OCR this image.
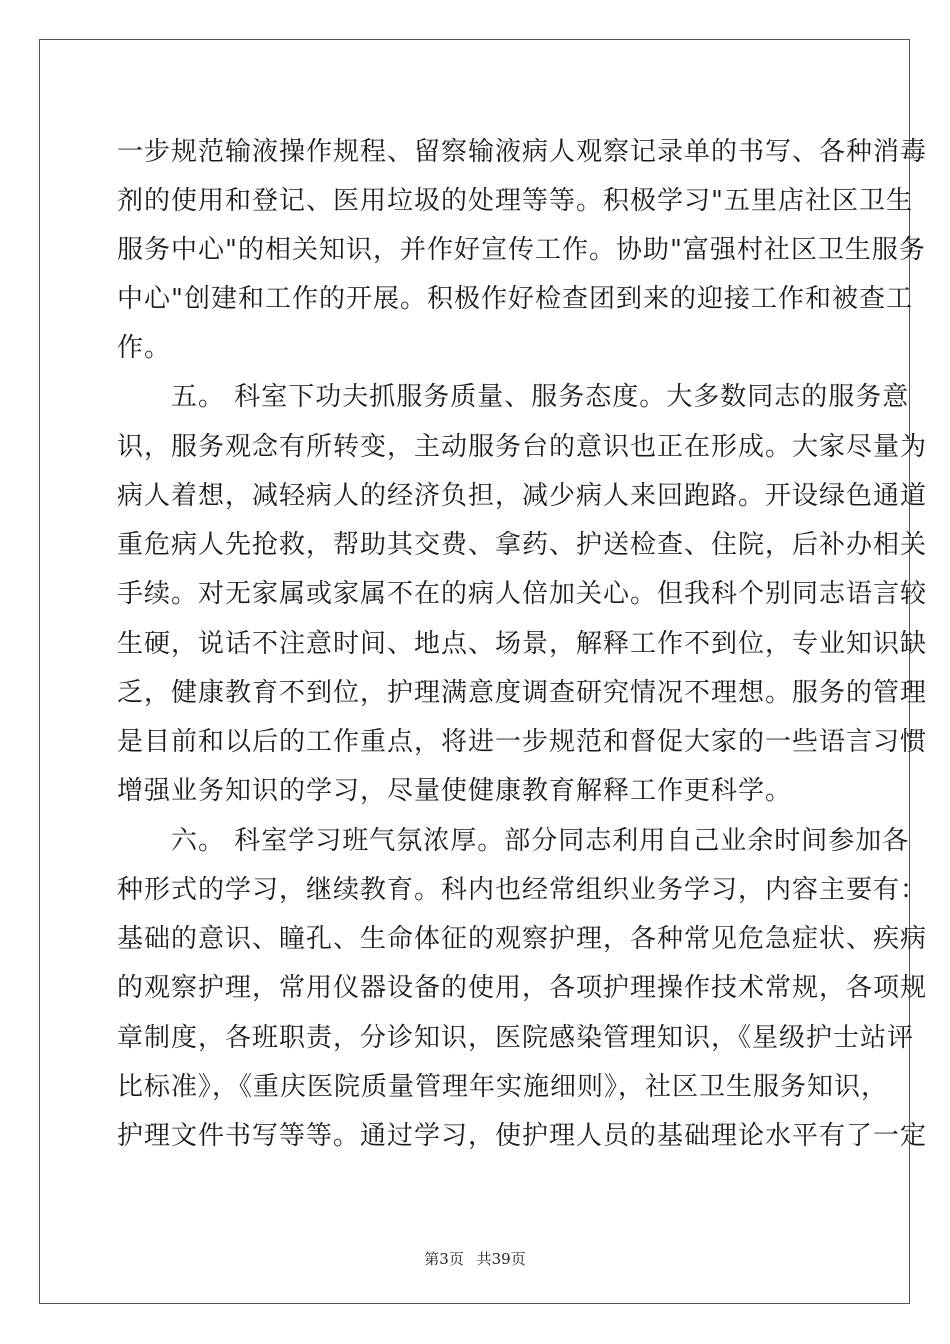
一步规范输液操作规程、留察输液病人观察记录单的书写、各种消毒
剂的使用和登记、医用垃圾的处理等等。积极学习"五里店社区卫生
服务中心"的相关知识，并作好宣传工作。协助"富强村社区卫生服务
中心"创建和工作的开展。积极作好检查团到来的迎接工作和被查工
作。
　　五。 科室下功夫抓服务质量、服务态度。大多数同志的服务意
识，服务观念有所转变，主动服务台的意识也正在形成。大家尽量为
病人着想，减轻病人的经济负担，减少病人来回跑路。开设绿色通道
重危病人先抢救，帮助其交费、拿药、护送检查、住院，后补办相关
手续。对无家属或家属不在的病人倍加关心。但我科个别同志语言较
生硬，说话不注意时间、地点、场景，解释工作不到位，专业知识缺
乏，健康教育不到位，护理满意度调查研究情况不理想。服务的管理
是目前和以后的工作重点，将进一步规范和督促大家的一些语言习惯
增强业务知识的学习，尽量使健康教育解释工作更科学。
　　六。 科室学习班气氛浓厚。部分同志利用自己业余时间参加各
种形式的学习，继续教育。科内也经常组织业务学习，内容主要有：
基础的意识、瞳孔、生命体征的观察护理，各种常见危急症状、疾病
的观察护理，常用仪器设备的使用，各项护理操作技术常规，各项规
章制度，各班职责，分诊知识，医院感染管理知识，《星级护士站评
比标准》，《重庆医院质量管理年实施细则》，社区卫生服务知识，
护理文件书写等等。通过学习，使护理人员的基础理论水平有了一定
第3页 共39页
